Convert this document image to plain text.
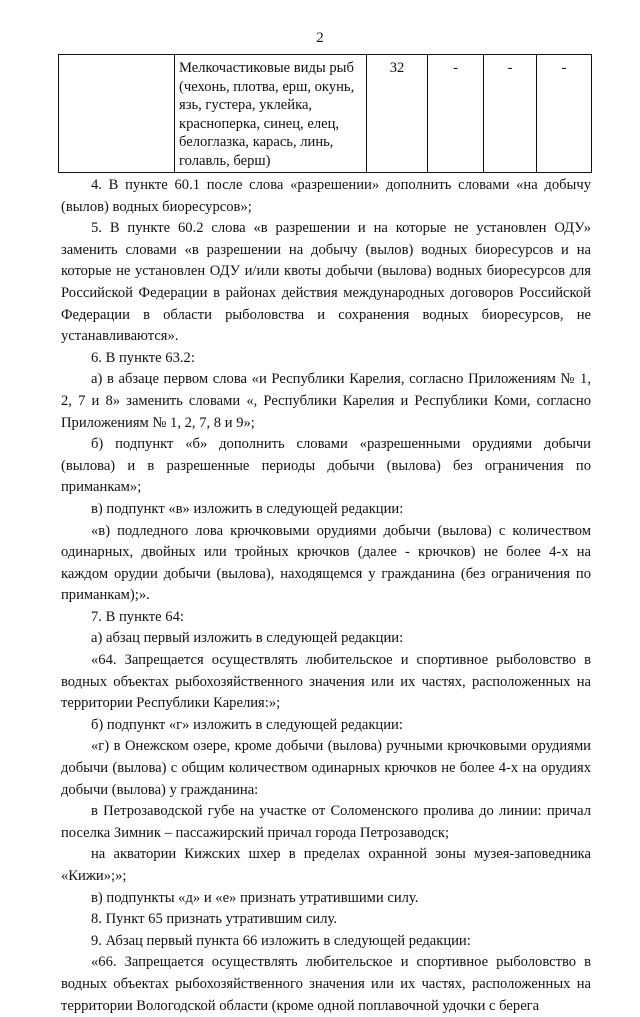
2
	Мелкочастиковые виды рыб (чехонь, плотва, ерш, окунь, язь, густера, уклейка, красноперка, синец, елец, белоглазка, карась, линь, голавль, берш)	32	-	-	-

4. В пункте 60.1 после слова «разрешении» дополнить словами «на добычу (вылов) водных биоресурсов»;

5. В пункте 60.2 слова «в разрешении и на которые не установлен ОДУ» заменить словами «в разрешении на добычу (вылов) водных биоресурсов и на которые не установлен ОДУ и/или квоты добычи (вылова) водных биоресурсов для Российской Федерации в районах действия международных договоров Российской Федерации в области рыболовства и сохранения водных биоресурсов, не устанавливаются».

6. В пункте 63.2:

а) в абзаце первом слова «и Республики Карелия, согласно Приложениям № 1, 2, 7 и 8» заменить словами «, Республики Карелия и Республики Коми, согласно Приложениям № 1, 2, 7, 8 и 9»;

б) подпункт «б» дополнить словами «разрешенными орудиями добычи (вылова) и в разрешенные периоды добычи (вылова) без ограничения по приманкам»;

в) подпункт «в» изложить в следующей редакции:

«в) подледного лова крючковыми орудиями добычи (вылова) с количеством одинарных, двойных или тройных крючков (далее - крючков) не более 4-х на каждом орудии добычи (вылова), находящемся у гражданина (без ограничения по приманкам);».

7. В пункте 64:

а) абзац первый изложить в следующей редакции:

«64. Запрещается осуществлять любительское и спортивное рыболовство в водных объектах рыбохозяйственного значения или их частях, расположенных на территории Республики Карелия:»;

б) подпункт «г» изложить в следующей редакции:

«г) в Онежском озере, кроме добычи (вылова) ручными крючковыми орудиями добычи (вылова) с общим количеством одинарных крючков не более 4-х на орудиях добычи (вылова) у гражданина:

в Петрозаводской губе на участке от Соломенского пролива до линии: причал поселка Зимник – пассажирский причал города Петрозаводск;

на акватории Кижских шхер в пределах охранной зоны музея-заповедника «Кижи»;»;

в) подпункты «д» и «е» признать утратившими силу.

8. Пункт 65 признать утратившим силу.

9. Абзац первый пункта 66 изложить в следующей редакции:

«66. Запрещается осуществлять любительское и спортивное рыболовство в водных объектах рыбохозяйственного значения или их частях, расположенных на территории Вологодской области (кроме одной поплавочной удочки с берега
